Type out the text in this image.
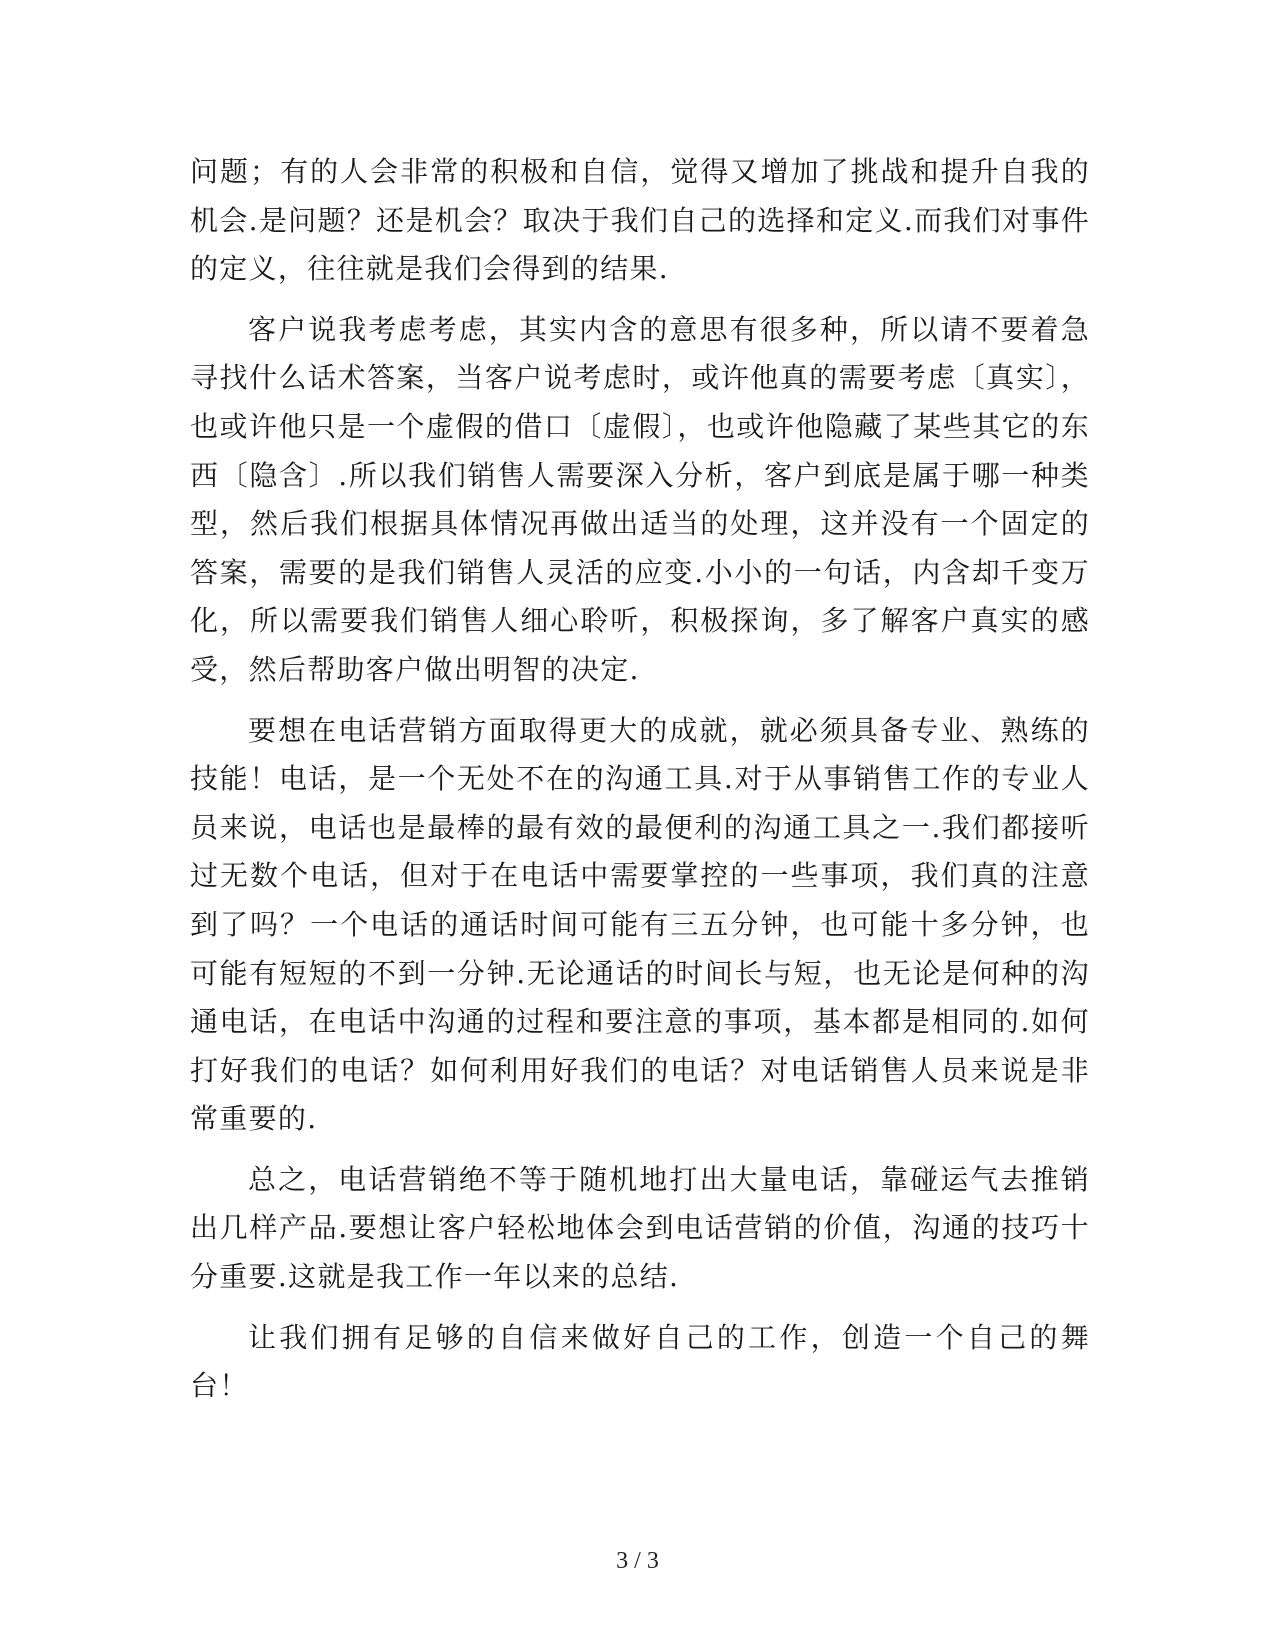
问题；有的人会非常的积极和自信，觉得又增加了挑战和提升自我的机会.是问题？还是机会？取决于我们自己的选择和定义.而我们对事件的定义，往往就是我们会得到的结果.

客户说我考虑考虑，其实内含的意思有很多种，所以请不要着急寻找什么话术答案，当客户说考虑时，或许他真的需要考虑〔真实〕，也或许他只是一个虚假的借口〔虚假〕，也或许他隐藏了某些其它的东西〔隐含〕.所以我们销售人需要深入分析，客户到底是属于哪一种类型，然后我们根据具体情况再做出适当的处理，这并没有一个固定的答案，需要的是我们销售人灵活的应变.小小的一句话，内含却千变万化，所以需要我们销售人细心聆听，积极探询，多了解客户真实的感受，然后帮助客户做出明智的决定.

要想在电话营销方面取得更大的成就，就必须具备专业、熟练的技能！电话，是一个无处不在的沟通工具.对于从事销售工作的专业人员来说，电话也是最棒的最有效的最便利的沟通工具之一.我们都接听过无数个电话，但对于在电话中需要掌控的一些事项，我们真的注意到了吗？一个电话的通话时间可能有三五分钟，也可能十多分钟，也可能有短短的不到一分钟.无论通话的时间长与短，也无论是何种的沟通电话，在电话中沟通的过程和要注意的事项，基本都是相同的.如何打好我们的电话？如何利用好我们的电话？对电话销售人员来说是非常重要的.

总之，电话营销绝不等于随机地打出大量电话，靠碰运气去推销出几样产品.要想让客户轻松地体会到电话营销的价值，沟通的技巧十分重要.这就是我工作一年以来的总结.

让我们拥有足够的自信来做好自己的工作，创造一个自己的舞台！

3 / 3
